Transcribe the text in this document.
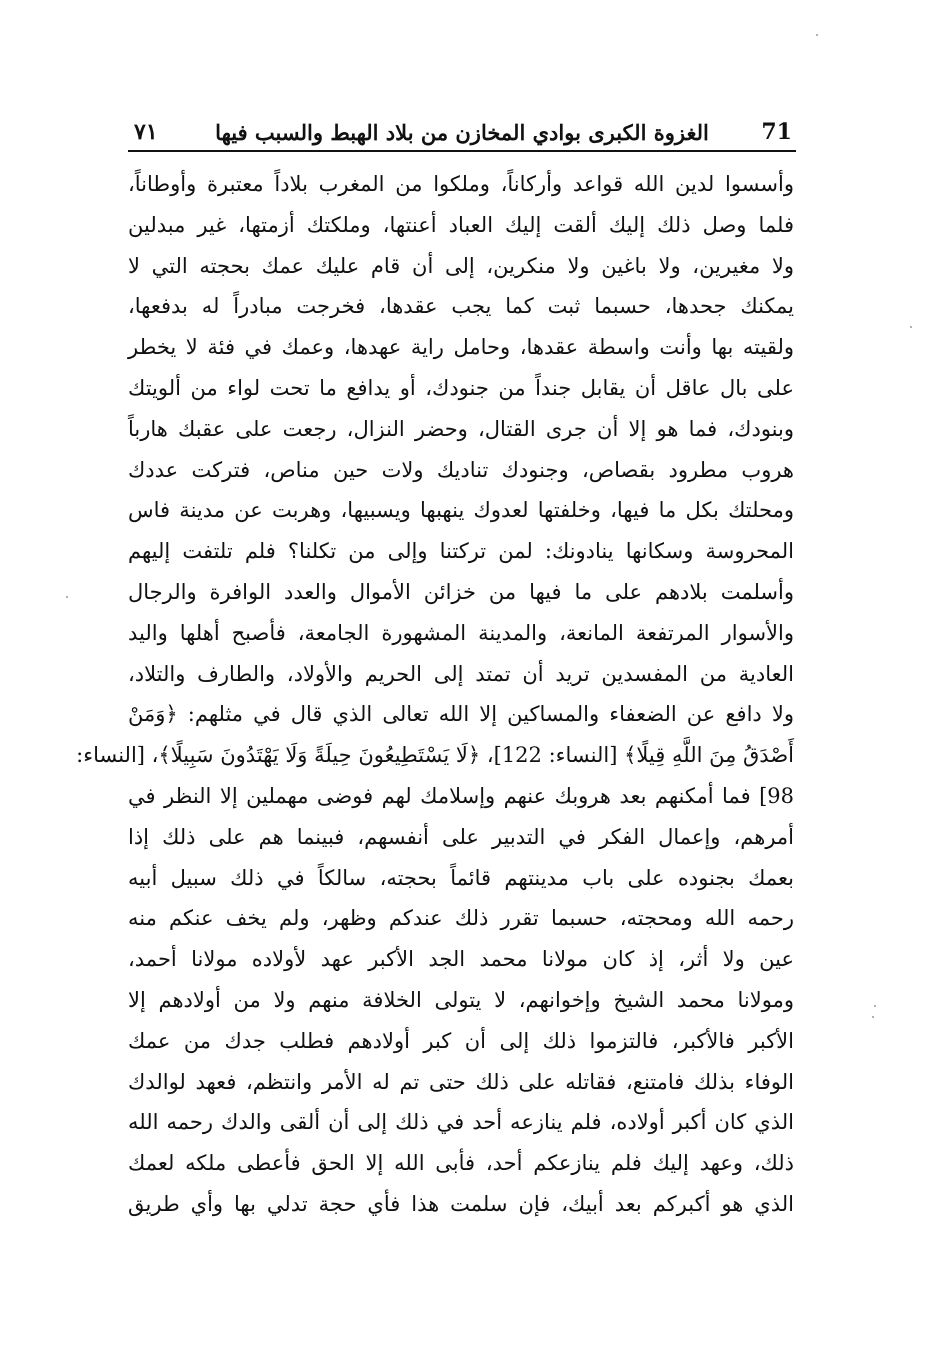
71
الغزوة الكبرى بوادي المخازن من بلاد الهبط والسبب فيها
٧١
وأسسوا لدين الله قواعد وأركاناً، وملكوا من المغرب بلاداً معتبرة وأوطاناً،
فلما وصل ذلك إليك ألقت إليك العباد أعنتها، وملكتك أزمتها، غير مبدلين
ولا مغيرين، ولا باغين ولا منكرين، إلى أن قام عليك عمك بحجته التي لا
يمكنك جحدها، حسبما ثبت كما يجب عقدها، فخرجت مبادراً له بدفعها،
ولقيته بها وأنت واسطة عقدها، وحامل راية عهدها، وعمك في فئة لا يخطر
على بال عاقل أن يقابل جنداً من جنودك، أو يدافع ما تحت لواء من ألويتك
وبنودك، فما هو إلا أن جرى القتال، وحضر النزال، رجعت على عقبك هارباً
هروب مطرود بقصاص، وجنودك تناديك ولات حين مناص، فتركت عددك
ومحلتك بكل ما فيها، وخلفتها لعدوك ينهبها ويسبيها، وهربت عن مدينة فاس
المحروسة وسكانها ينادونك: لمن تركتنا وإلى من تكلنا؟ فلم تلتفت إليهم
وأسلمت بلادهم على ما فيها من خزائن الأموال والعدد الوافرة والرجال
والأسوار المرتفعة المانعة، والمدينة المشهورة الجامعة، فأصبح أهلها واليد
العادية من المفسدين تريد أن تمتد إلى الحريم والأولاد، والطارف والتلاد،
ولا دافع عن الضعفاء والمساكين إلا الله تعالى الذي قال في مثلهم: ﴿وَمَنْ
أَصْدَقُ مِنَ اللَّهِ قِيلًا﴾ [النساء: 122]، ﴿لَا يَسْتَطِيعُونَ حِيلَةً وَلَا يَهْتَدُونَ سَبِيلًا﴾، [النساء:
98] فما أمكنهم بعد هروبك عنهم وإسلامك لهم فوضى مهملين إلا النظر في
أمرهم، وإعمال الفكر في التدبير على أنفسهم، فبينما هم على ذلك إذا
بعمك بجنوده على باب مدينتهم قائماً بحجته، سالكاً في ذلك سبيل أبيه
رحمه الله ومحجته، حسبما تقرر ذلك عندكم وظهر، ولم يخف عنكم منه
عين ولا أثر، إذ كان مولانا محمد الجد الأكبر عهد لأولاده مولانا أحمد،
ومولانا محمد الشيخ وإخوانهم، لا يتولى الخلافة منهم ولا من أولادهم إلا
الأكبر فالأكبر، فالتزموا ذلك إلى أن كبر أولادهم فطلب جدك من عمك
الوفاء بذلك فامتنع، فقاتله على ذلك حتى تم له الأمر وانتظم، فعهد لوالدك
الذي كان أكبر أولاده، فلم ينازعه أحد في ذلك إلى أن ألقى والدك رحمه الله
ذلك، وعهد إليك فلم ينازعكم أحد، فأبى الله إلا الحق فأعطى ملكه لعمك
الذي هو أكبركم بعد أبيك، فإن سلمت هذا فأي حجة تدلي بها وأي طريق
